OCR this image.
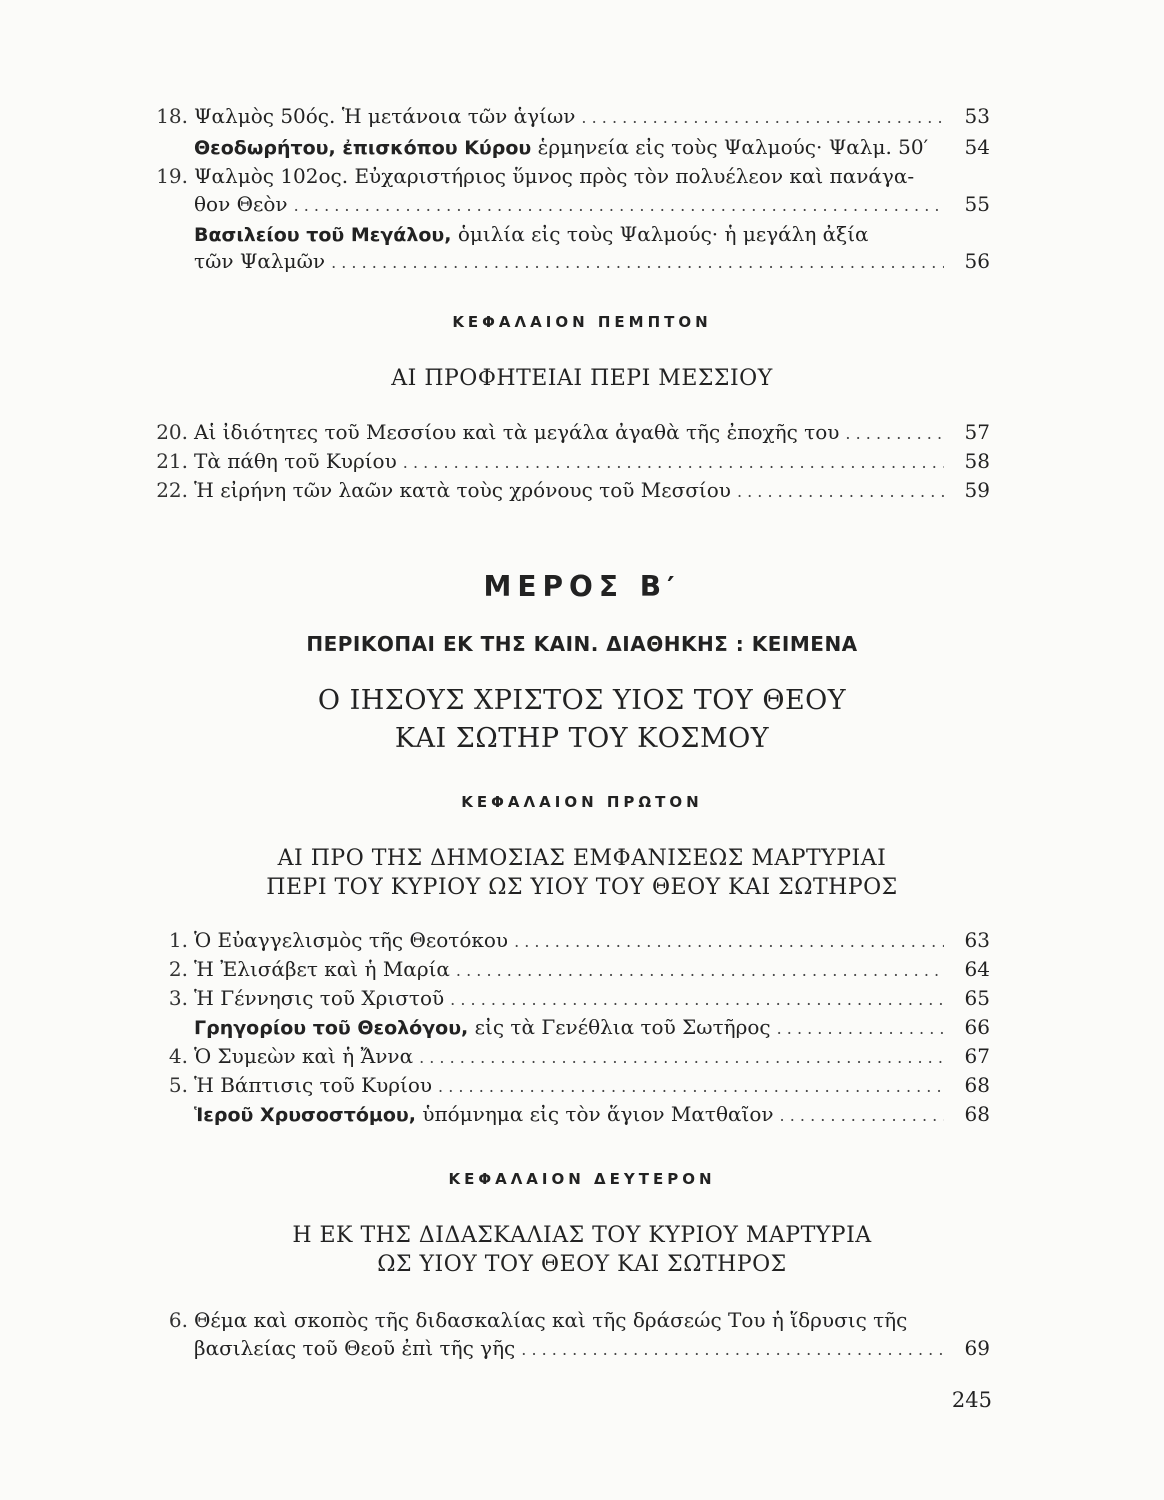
18. Ψαλμὸς 50ός. Ἡ μετάνοια τῶν ἁγίων . . .	53
Θεοδωρήτου, ἐπισκόπου Κύρου ἑρμηνεία εἰς τοὺς Ψαλμούς· Ψαλμ. 50′	54
19. Ψαλμὸς 102ος. Εὐχαριστήριος ὕμνος πρὸς τὸν πολυέλεον καὶ πανάγα-
θον Θεὸν . . .	55
Βασιλείου τοῦ Μεγάλου, ὁμιλία εἰς τοὺς Ψαλμούς· ἡ μεγάλη ἀξία
τῶν Ψαλμῶν . . .	56
ΚΕΦΑΛΑΙΟΝ ΠΕΜΠΤΟΝ
ΑΙ ΠΡΟΦΗΤΕΙΑΙ ΠΕΡΙ ΜΕΣΣΙΟΥ
20. Αἱ ἰδιότητες τοῦ Μεσσίου καὶ τὰ μεγάλα ἀγαθὰ τῆς ἐποχῆς του . . .	57
21. Τὰ πάθη τοῦ Κυρίου . . .	58
22. Ἡ εἰρήνη τῶν λαῶν κατὰ τοὺς χρόνους τοῦ Μεσσίου . . .	59
ΜΕΡΟΣ Β′
ΠΕΡΙΚΟΠΑΙ ΕΚ ΤΗΣ ΚΑΙΝ. ΔΙΑΘΗΚΗΣ : ΚΕΙΜΕΝΑ
Ο ΙΗΣΟΥΣ ΧΡΙΣΤΟΣ ΥΙΟΣ ΤΟΥ ΘΕΟΥ
ΚΑΙ ΣΩΤΗΡ ΤΟΥ ΚΟΣΜΟΥ
ΚΕΦΑΛΑΙΟΝ ΠΡΩΤΟΝ
ΑΙ ΠΡΟ ΤΗΣ ΔΗΜΟΣΙΑΣ ΕΜΦΑΝΙΣΕΩΣ ΜΑΡΤΥΡΙΑΙ
ΠΕΡΙ ΤΟΥ ΚΥΡΙΟΥ ΩΣ ΥΙΟΥ ΤΟΥ ΘΕΟΥ ΚΑΙ ΣΩΤΗΡΟΣ
1. Ὁ Εὐαγγελισμὸς τῆς Θεοτόκου . . .	63
2. Ἡ Ἐλισάβετ καὶ ἡ Μαρία . . .	64
3. Ἡ Γέννησις τοῦ Χριστοῦ . . .	65
Γρηγορίου τοῦ Θεολόγου, εἰς τὰ Γενέθλια τοῦ Σωτῆρος . . .	66
4. Ὁ Συμεὼν καὶ ἡ Ἄννα . . .	67
5. Ἡ Βάπτισις τοῦ Κυρίου . . .	68
Ἱεροῦ Χρυσοστόμου, ὑπόμνημα εἰς τὸν ἅγιον Ματθαῖον . . .	68
ΚΕΦΑΛΑΙΟΝ ΔΕΥΤΕΡΟΝ
Η ΕΚ ΤΗΣ ΔΙΔΑΣΚΑΛΙΑΣ ΤΟΥ ΚΥΡΙΟΥ ΜΑΡΤΥΡΙΑ
ΩΣ ΥΙΟΥ ΤΟΥ ΘΕΟΥ ΚΑΙ ΣΩΤΗΡΟΣ
6. Θέμα καὶ σκοπὸς τῆς διδασκαλίας καὶ τῆς δράσεώς Του ἡ ἵδρυσις τῆς
βασιλείας τοῦ Θεοῦ ἐπὶ τῆς γῆς . . .	69
245
